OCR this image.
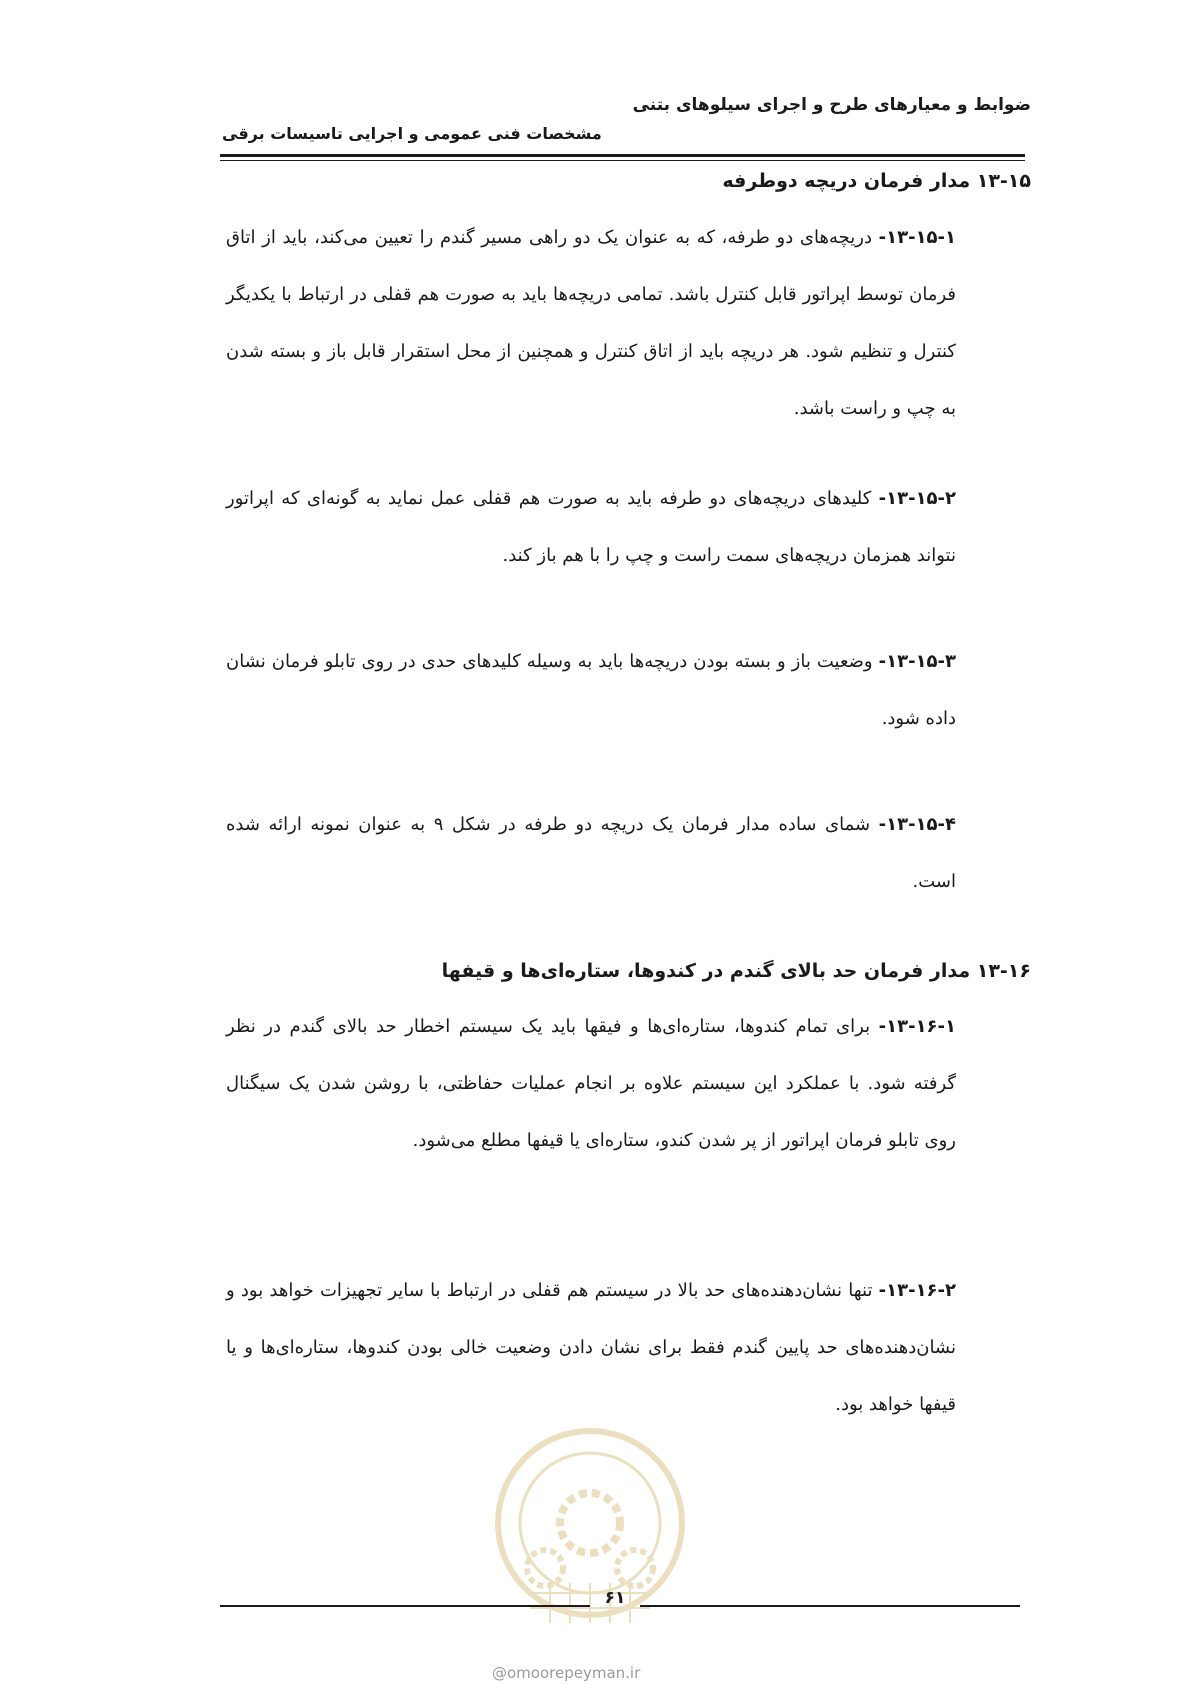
ضوابط و معیارهای طرح و اجرای سیلوهای بتنی
مشخصات فنی عمومی و اجرایی تاسیسات برقی
۱۳-۱۵ مدار فرمان دریچه دوطرفه
۱۳-۱۵-۱- دریچه‌های دو طرفه، که به عنوان یک دو راهی مسیر گندم را تعیین می‌کند، باید از اتاق فرمان توسط اپراتور قابل کنترل باشد. تمامی دریچه‌ها باید به صورت هم قفلی در ارتباط با یکدیگر کنترل و تنظیم شود. هر دریچه باید از اتاق کنترل و همچنین از محل استقرار قابل باز و بسته شدن به چپ و راست باشد.
۱۳-۱۵-۲- کلیدهای دریچه‌های دو طرفه باید به صورت هم قفلی عمل نماید به گونه‌ای که اپراتور نتواند همزمان دریچه‌های سمت راست و چپ را با هم باز کند.
۱۳-۱۵-۳- وضعیت باز و بسته بودن دریچه‌ها باید به وسیله کلیدهای حدی در روی تابلو فرمان نشان داده شود.
۱۳-۱۵-۴- شمای ساده مدار فرمان یک دریچه دو طرفه در شکل ۹ به عنوان نمونه ارائه شده است.
۱۳-۱۶ مدار فرمان حد بالای گندم در کندوها، ستاره‌ای‌ها و قیفها
۱۳-۱۶-۱- برای تمام کندوها، ستاره‌ای‌ها و فیقها باید یک سیستم اخطار حد بالای گندم در نظر گرفته شود. با عملکرد این سیستم علاوه بر انجام عملیات حفاظتی، با روشن شدن یک سیگنال روی تابلو فرمان اپراتور از پر شدن کندو، ستاره‌ای یا قیفها مطلع می‌شود.
۱۳-۱۶-۲- تنها نشان‌دهنده‌های حد بالا در سیستم هم قفلی در ارتباط با سایر تجهیزات خواهد بود و نشان‌دهنده‌های حد پایین گندم فقط برای نشان دادن وضعیت خالی بودن کندوها، ستاره‌ای‌ها و یا قیفها خواهد بود.
۶۱
@omoorepeyman.ir
